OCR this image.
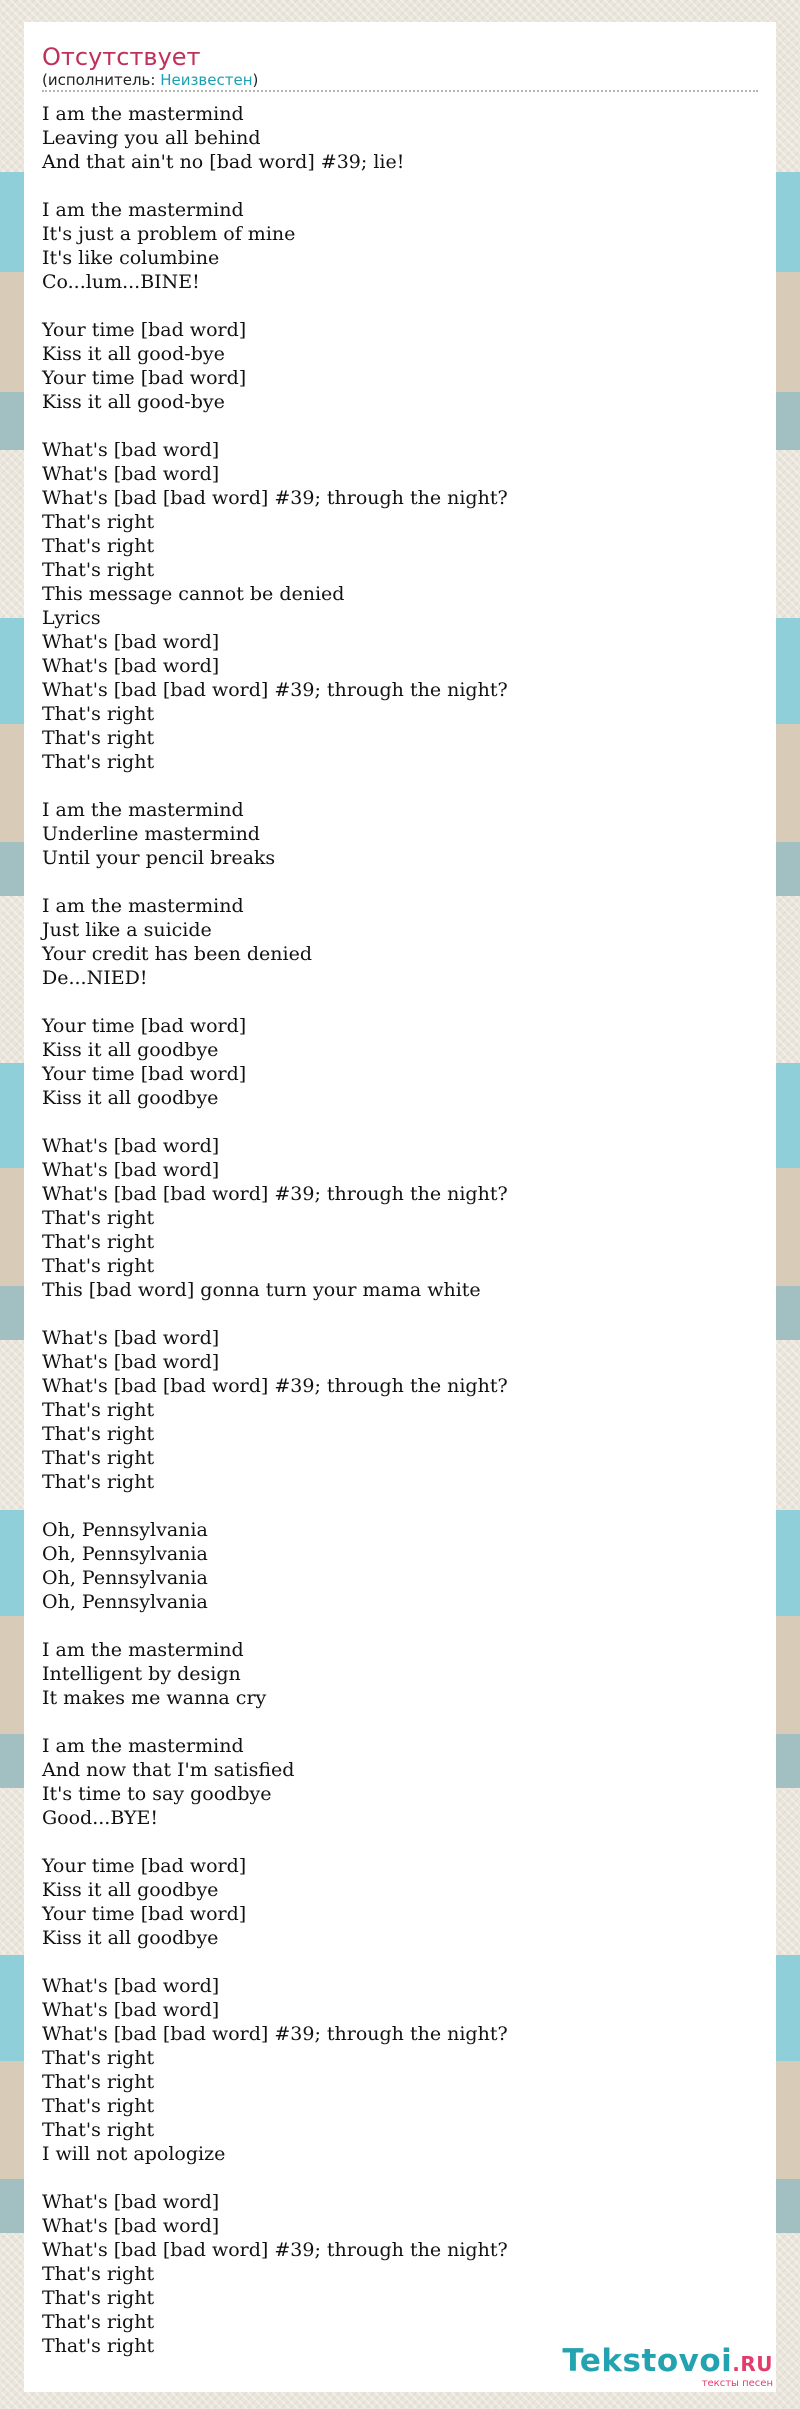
Отсутствует
(исполнитель: Неизвестен)
I am the mastermind
Leaving you all behind
And that ain't no [bad word] #39; lie!
I am the mastermind
It's just a problem of mine
It's like columbine
Co...lum...BINE!
Your time [bad word]
Kiss it all good-bye
Your time [bad word]
Kiss it all good-bye
What's [bad word]
What's [bad word]
What's [bad [bad word] #39; through the night?
That's right
That's right
That's right
This message cannot be denied
Lyrics
What's [bad word]
What's [bad word]
What's [bad [bad word] #39; through the night?
That's right
That's right
That's right
I am the mastermind
Underline mastermind
Until your pencil breaks
I am the mastermind
Just like a suicide
Your credit has been denied
De...NIED!
Your time [bad word]
Kiss it all goodbye
Your time [bad word]
Kiss it all goodbye
What's [bad word]
What's [bad word]
What's [bad [bad word] #39; through the night?
That's right
That's right
That's right
This [bad word] gonna turn your mama white
What's [bad word]
What's [bad word]
What's [bad [bad word] #39; through the night?
That's right
That's right
That's right
That's right
Oh, Pennsylvania
Oh, Pennsylvania
Oh, Pennsylvania
Oh, Pennsylvania
I am the mastermind
Intelligent by design
It makes me wanna cry
I am the mastermind
And now that I'm satisfied
It's time to say goodbye
Good...BYE!
Your time [bad word]
Kiss it all goodbye
Your time [bad word]
Kiss it all goodbye
What's [bad word]
What's [bad word]
What's [bad [bad word] #39; through the night?
That's right
That's right
That's right
That's right
I will not apologize
What's [bad word]
What's [bad word]
What's [bad [bad word] #39; through the night?
That's right
That's right
That's right
That's right	Tekstovoi.RU
тексты песен
